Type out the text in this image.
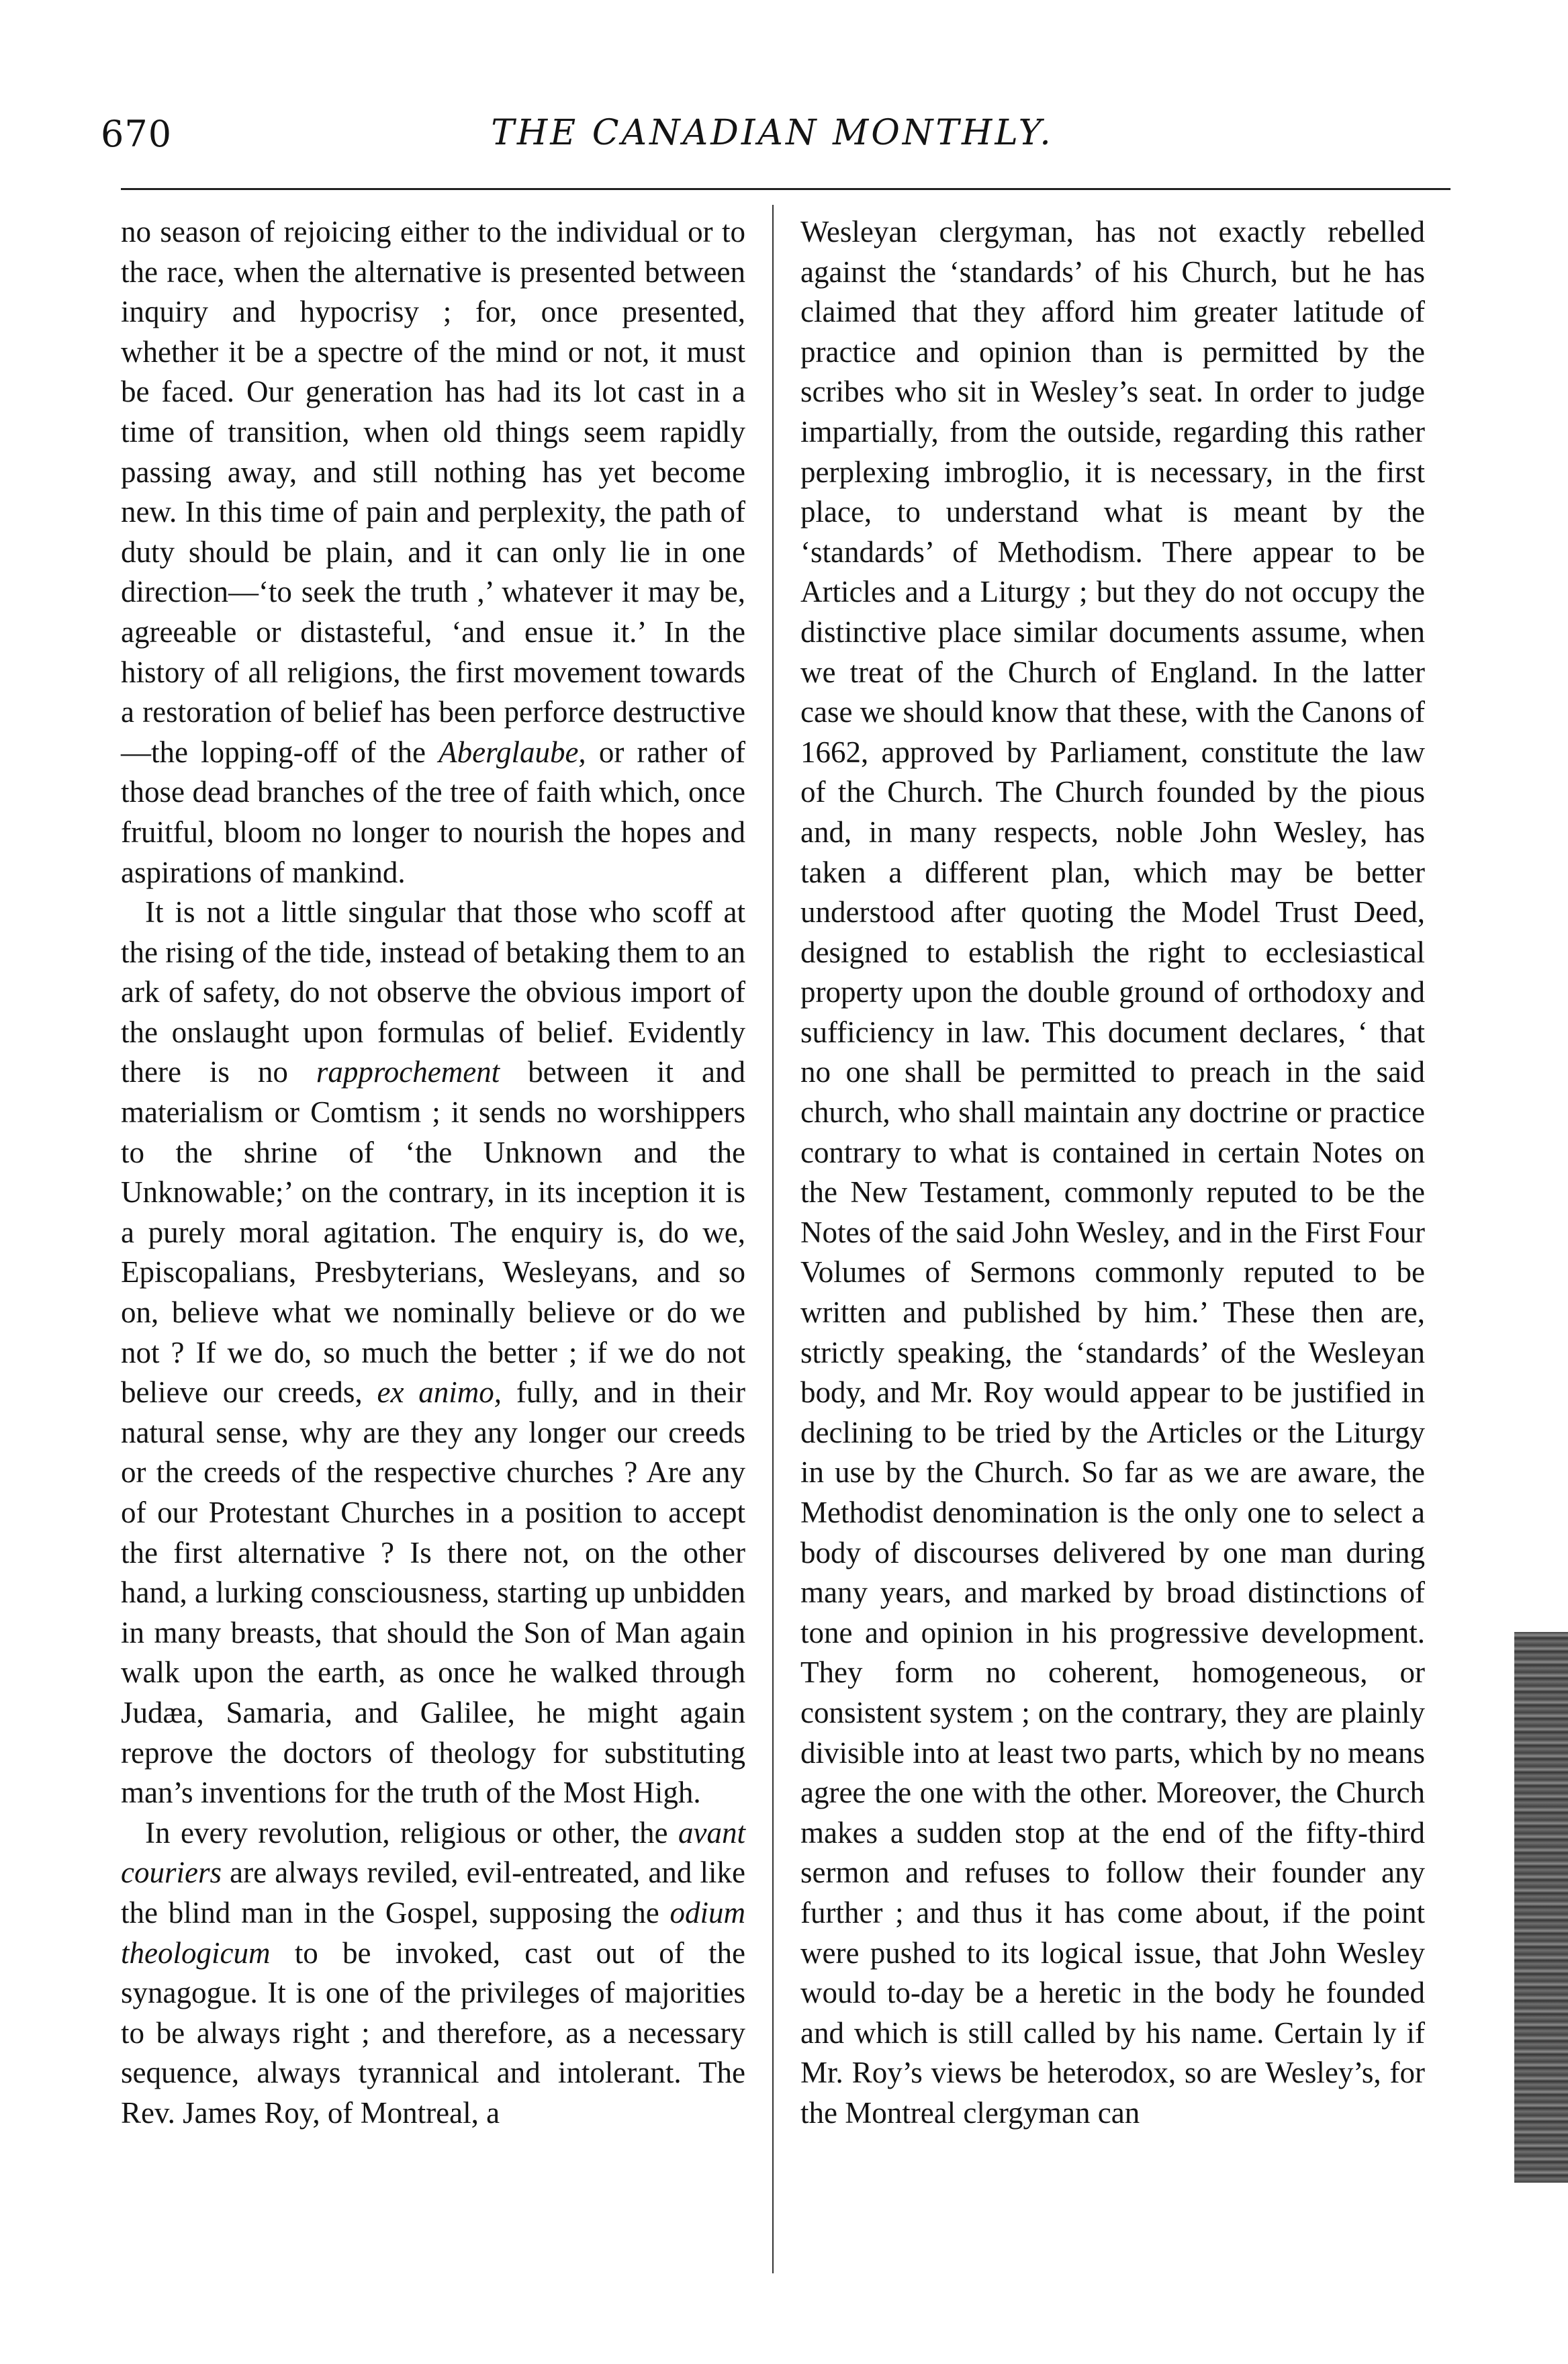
670	THE CANADIAN MONTHLY.

no season of rejoicing either to the individual or to the race, when the alternative is presented between inquiry and hypocrisy ; for, once presented, whether it be a spectre of the mind or not, it must be faced. Our generation has had its lot cast in a time of transition, when old things seem rapidly passing away, and still nothing has yet become new. In this time of pain and perplexity, the path of duty should be plain, and it can only lie in one direction—‘to seek the truth ,’ whatever it may be, agreeable or distasteful, ‘and ensue it.’ In the history of all religions, the first movement towards a restoration of belief has been perforce destructive—the lopping-off of the Aberglaube, or rather of those dead branches of the tree of faith which, once fruitful, bloom no longer to nourish the hopes and aspirations of mankind.

It is not a little singular that those who scoff at the rising of the tide, instead of betaking them to an ark of safety, do not observe the obvious import of the onslaught upon formulas of belief. Evidently there is no rapprochement between it and materialism or Comtism ; it sends no worshippers to the shrine of ‘the Unknown and the Unknowable;’ on the contrary, in its inception it is a purely moral agitation. The enquiry is, do we, Episcopalians, Presbyterians, Wesleyans, and so on, believe what we nominally believe or do we not ? If we do, so much the better ; if we do not believe our creeds, ex animo, fully, and in their natural sense, why are they any longer our creeds or the creeds of the respective churches ? Are any of our Protestant Churches in a position to accept the first alternative ? Is there not, on the other hand, a lurking consciousness, starting up unbidden in many breasts, that should the Son of Man again walk upon the earth, as once he walked through Judæa, Samaria, and Galilee, he might again reprove the doctors of theology for substituting man’s inventions for the truth of the Most High.

In every revolution, religious or other, the avant couriers are always reviled, evil-entreated, and like the blind man in the Gospel, supposing the odium theologicum to be invoked, cast out of the synagogue. It is one of the privileges of majorities to be always right ; and therefore, as a necessary sequence, always tyrannical and intolerant. The Rev. James Roy, of Montreal, a

Wesleyan clergyman, has not exactly rebelled against the ‘standards’ of his Church, but he has claimed that they afford him greater latitude of practice and opinion than is permitted by the scribes who sit in Wesley’s seat. In order to judge impartially, from the outside, regarding this rather perplexing imbroglio, it is necessary, in the first place, to understand what is meant by the ‘standards’ of Methodism. There appear to be Articles and a Liturgy ; but they do not occupy the distinctive place similar documents assume, when we treat of the Church of England. In the latter case we should know that these, with the Canons of 1662, approved by Parliament, constitute the law of the Church. The Church founded by the pious and, in many respects, noble John Wesley, has taken a different plan, which may be better understood after quoting the Model Trust Deed, designed to establish the right to ecclesiastical property upon the double ground of orthodoxy and sufficiency in law. This document declares, ‘ that no one shall be permitted to preach in the said church, who shall maintain any doctrine or practice contrary to what is contained in certain Notes on the New Testament, commonly reputed to be the Notes of the said John Wesley, and in the First Four Volumes of Sermons commonly reputed to be written and published by him.’ These then are, strictly speaking, the ‘standards’ of the Wesleyan body, and Mr. Roy would appear to be justified in declining to be tried by the Articles or the Liturgy in use by the Church. So far as we are aware, the Methodist denomination is the only one to select a body of discourses delivered by one man during many years, and marked by broad distinctions of tone and opinion in his progressive development. They form no coherent, homogeneous, or consistent system ; on the contrary, they are plainly divisible into at least two parts, which by no means agree the one with the other. Moreover, the Church makes a sudden stop at the end of the fifty-third sermon and refuses to follow their founder any further ; and thus it has come about, if the point were pushed to its logical issue, that John Wesley would to-day be a heretic in the body he founded and which is still called by his name. Certain ly if Mr. Roy’s views be heterodox, so are Wesley’s, for the Montreal clergyman can
